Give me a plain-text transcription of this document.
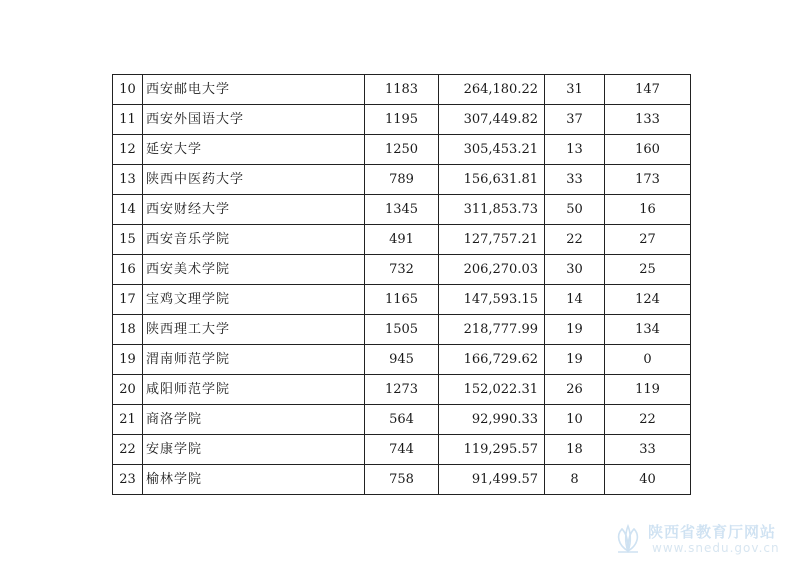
10	西安邮电大学	1183	264,180.22	31	147
11	西安外国语大学	1195	307,449.82	37	133
12	延安大学	1250	305,453.21	13	160
13	陕西中医药大学	789	156,631.81	33	173
14	西安财经大学	1345	311,853.73	50	16
15	西安音乐学院	491	127,757.21	22	27
16	西安美术学院	732	206,270.03	30	25
17	宝鸡文理学院	1165	147,593.15	14	124
18	陕西理工大学	1505	218,777.99	19	134
19	渭南师范学院	945	166,729.62	19	0
20	咸阳师范学院	1273	152,022.31	26	119
21	商洛学院	564	92,990.33	10	22
22	安康学院	744	119,295.57	18	33
23	榆林学院	758	91,499.57	8	40
陕西省教育厅网站
www.snedu.gov.cn
